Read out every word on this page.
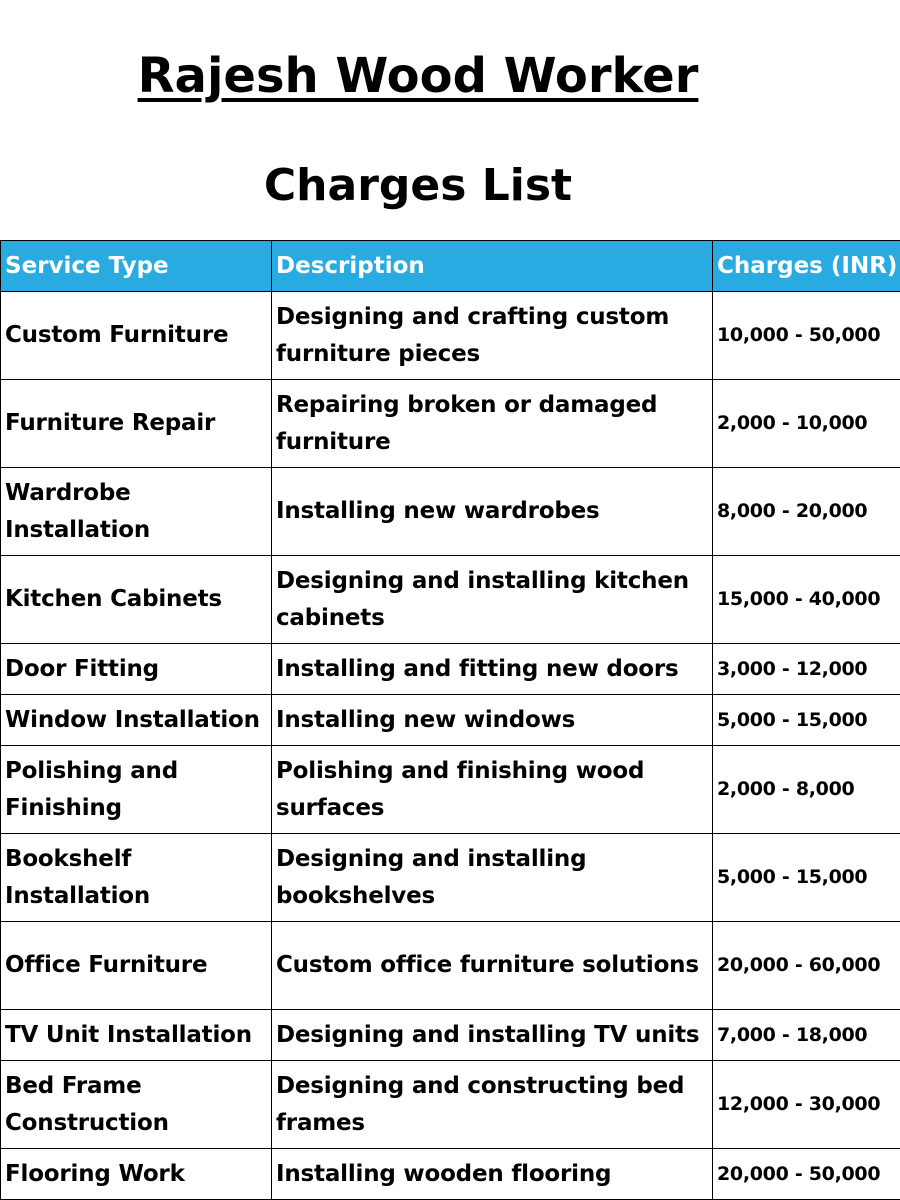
Rajesh Wood Worker
Charges List
Service Type	Description	Charges (INR)
Custom Furniture	Designing and crafting custom furniture pieces	10,000 - 50,000
Furniture Repair	Repairing broken or damaged furniture	2,000 - 10,000
Wardrobe Installation	Installing new wardrobes	8,000 - 20,000
Kitchen Cabinets	Designing and installing kitchen cabinets	15,000 - 40,000
Door Fitting	Installing and fitting new doors	3,000 - 12,000
Window Installation	Installing new windows	5,000 - 15,000
Polishing and Finishing	Polishing and finishing wood surfaces	2,000 - 8,000
Bookshelf Installation	Designing and installing bookshelves	5,000 - 15,000
Office Furniture	Custom office furniture solutions	20,000 - 60,000
TV Unit Installation	Designing and installing TV units	7,000 - 18,000
Bed Frame Construction	Designing and constructing bed frames	12,000 - 30,000
Flooring Work	Installing wooden flooring	20,000 - 50,000
